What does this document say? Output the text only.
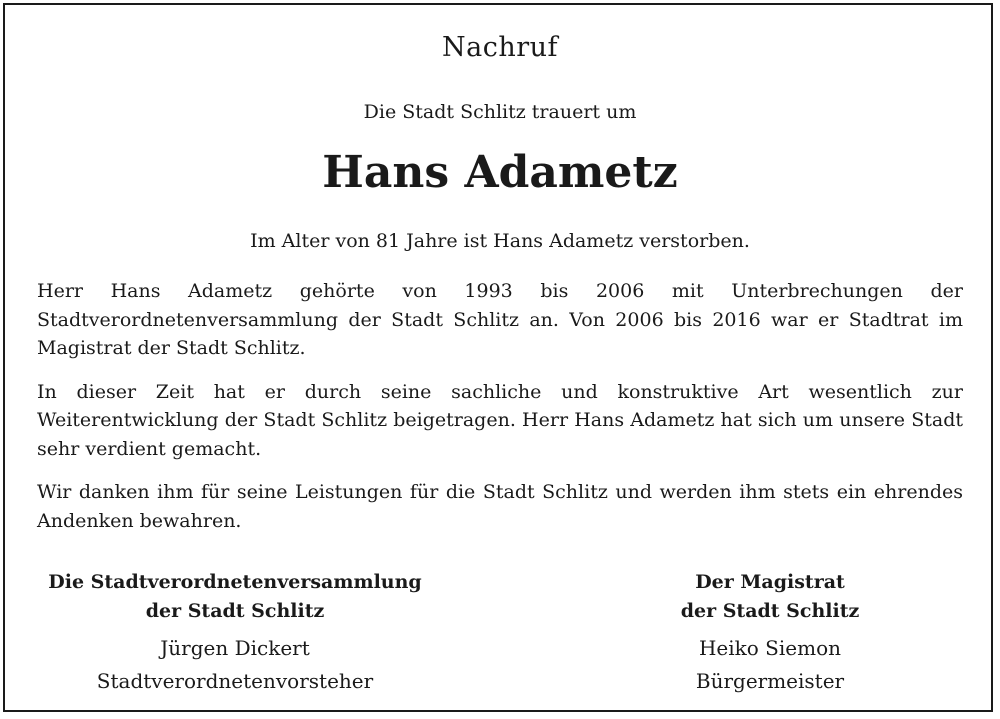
Nachruf
Die Stadt Schlitz trauert um
Hans Adametz
Im Alter von 81 Jahre ist Hans Adametz verstorben.

Herr Hans Adametz gehörte von 1993 bis 2006 mit Unterbrechungen der Stadtverordnetenversammlung der Stadt Schlitz an. Von 2006 bis 2016 war er Stadtrat im Magistrat der Stadt Schlitz.

In dieser Zeit hat er durch seine sachliche und konstruktive Art wesentlich zur Weiterentwicklung der Stadt Schlitz beigetragen. Herr Hans Adametz hat sich um unsere Stadt sehr verdient gemacht.

Wir danken ihm für seine Leistungen für die Stadt Schlitz und werden ihm stets ein ehrendes Andenken bewahren.

Die Stadtverordnetenversammlung
der Stadt Schlitz
Jürgen Dickert
Stadtverordnetenvorsteher
Der Magistrat
der Stadt Schlitz
Heiko Siemon
Bürgermeister
